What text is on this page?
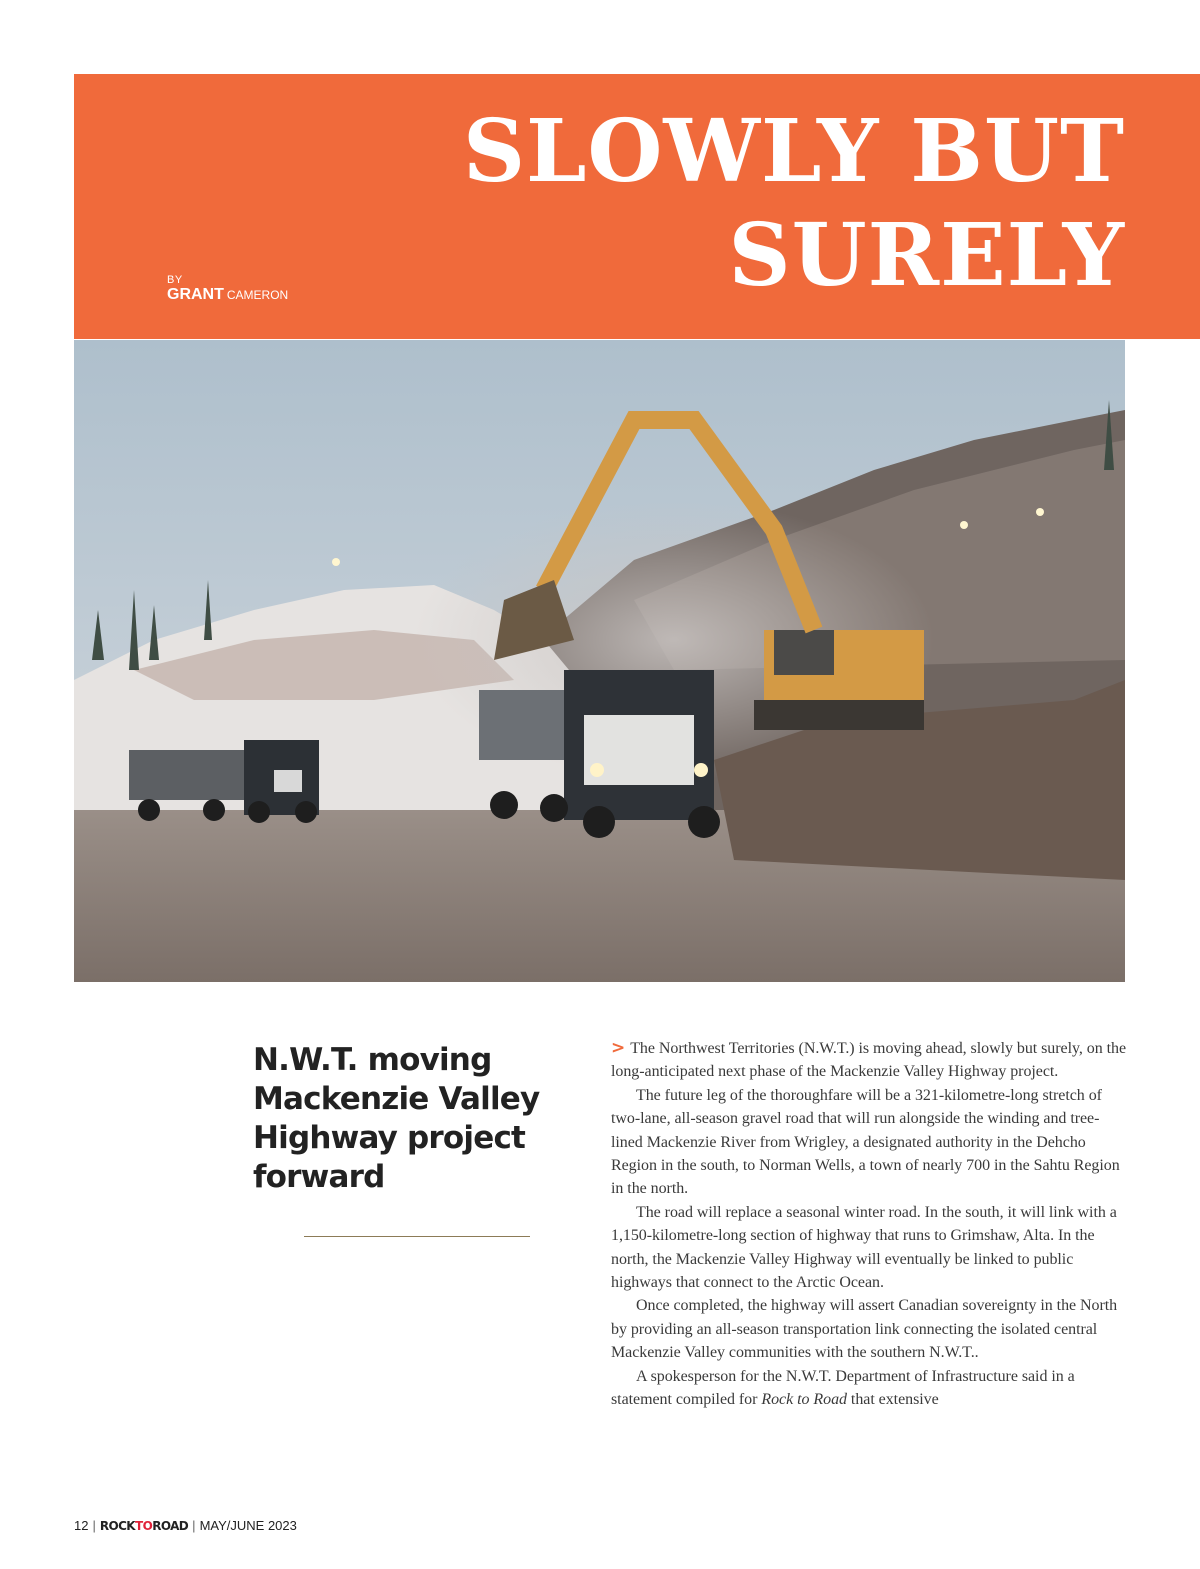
SLOWLY BUT
SURELY
BY
GRANT CAMERON
N.W.T. moving Mackenzie Valley Highway project forward

> The Northwest Territories (N.W.T.) is moving ahead, slowly but surely, on the long-anticipated next phase of the Mackenzie Valley Highway project.

The future leg of the thoroughfare will be a 321-kilometre-long stretch of two-lane, all-season gravel road that will run alongside the winding and tree-lined Mackenzie River from Wrigley, a designated authority in the Dehcho Region in the south, to Norman Wells, a town of nearly 700 in the Sahtu Region in the north.

The road will replace a seasonal winter road. In the south, it will link with a 1,150-kilometre-long section of highway that runs to Grimshaw, Alta. In the north, the Mackenzie Valley Highway will eventually be linked to public highways that connect to the Arctic Ocean.

Once completed, the highway will assert Canadian sovereignty in the North by providing an all-season transportation link connecting the isolated central Mackenzie Valley communities with the southern N.W.T..

A spokesperson for the N.W.T. Department of Infrastructure said in a statement compiled for Rock to Road that extensive

12 | ROCKTOROAD | MAY/JUNE 2023
